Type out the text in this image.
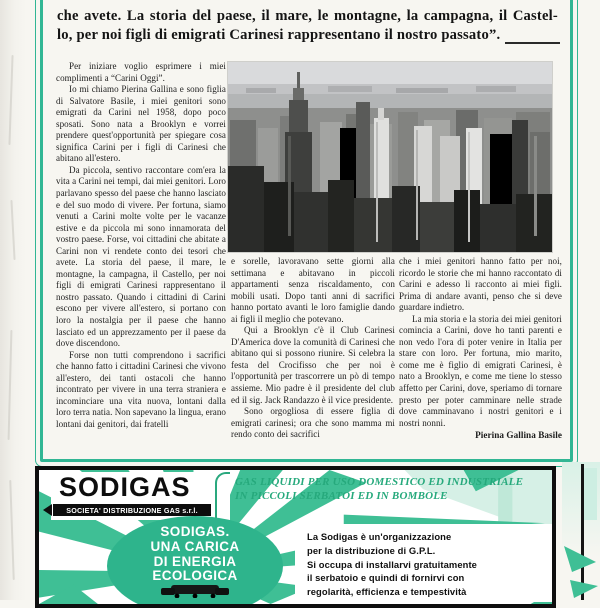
che avete. La storia del paese, il mare, le montagne, la campagna, il Castel-
lo, per noi figli di emigrati Carinesi rappresentano il nostro passato”.

Per iniziare voglio esprimere i miei complimenti a “Carini Oggi”.

Io mi chiamo Pierina Gallina e sono figlia di Salvatore Basile, i miei genitori sono emigrati da Carini nel 1958, dopo poco sposati. Sono nata a Brooklyn e vorrei prendere quest'opportunità per spiegare cosa significa Carini per i figli di Carinesi che abitano all'estero.

Da piccola, sentivo raccontare com'era la vita a Carini nei tempi, dai miei genitori. Loro parlavano spesso del paese che hanno lasciato e del suo modo di vivere. Per fortuna, siamo venuti a Carini molte volte per le vacanze estive e da piccola mi sono innamorata del vostro paese. Forse, voi cittadini che abitate a Carini non vi rendete conto dei tesori che avete. La storia del paese, il mare, le montagne, la campagna, il Castello, per noi figli di emigrati Carinesi rappresentano il nostro passato. Quando i cittadini di Carini escono per vivere all'estero, si portano con loro la nostalgia per il paese che hanno lasciato ed un apprezzamento per il paese da dove discendono.

Forse non tutti comprendono i sacrifici che hanno fatto i cittadini Carinesi che vivono all'estero, dei tanti ostacoli che hanno incontrato per vivere in una terra straniera e incominciare una vita nuova, lontani dalla loro terra natia. Non sapevano la lingua, erano lontani dai genitori, dai fratelli

e sorelle, lavoravano sette giorni alla settimana e abitavano in piccoli appartamenti senza riscaldamento, con mobili usati. Dopo tanti anni di sacrifici hanno portato avanti le loro famiglie dando ai figli il meglio che potevano.

Qui a Brooklyn c'è il Club Carinesi D'America dove la comunità di Carinesi che abitano qui si possono riunire. Si celebra la festa del Crocifisso che per noi è l'opportunità per trascorrere un pò di tempo assieme. Mio padre è il presidente del club ed il sig. Jack Randazzo è il vice presidente.

Sono orgogliosa di essere figlia di emigrati carinesi; ora che sono mamma mi rendo conto dei sacrifici

che i miei genitori hanno fatto per noi, ricordo le storie che mi hanno raccontato di Carini e adesso li racconto ai miei figli. Prima di andare avanti, penso che si deve guardare indietro.

La mia storia e la storia dei miei genitori comincia a Carini, dove ho tanti parenti e non vedo l'ora di poter venire in Italia per stare con loro. Per fortuna, mio marito, come me è figlio di emigrati Carinesi, è nato a Brooklyn, e come me tiene lo stesso affetto per Carini, dove, speriamo di tornare presto per poter camminare nelle strade dove camminavano i nostri genitori e i nostri nonni.

Pierina Gallina Basile
SODIGAS
SOCIETA' DISTRIBUZIONE GAS s.r.l.
GAS LIQUIDI PER USO DOMESTICO ED INDUSTRIALE
IN PICCOLI SERBATOI ED IN BOMBOLE
SODIGAS.
UNA CARICA
DI ENERGIA
ECOLOGICA
La Sodigas è un'organizzazione
per la distribuzione di G.P.L.
Si occupa di installarvi gratuitamente
il serbatoio e quindi di fornirvi con
regolarità, efficienza e tempestività
